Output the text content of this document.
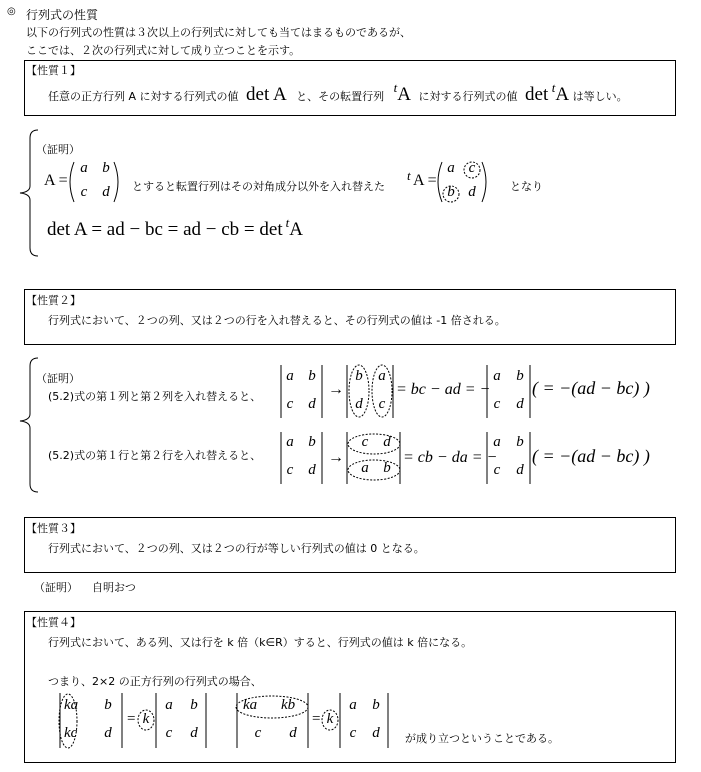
◎ 行列式の性質
以下の行列式の性質は３次以上の行列式に対しても当てはまるものであるが、
ここでは、２次の行列式に対して成り立つことを示す。
【性質１】
任意の正方行列 A に対する行列式の値 det A と、その転置行列 tA に対する行列式の値 det tA は等しい。
（証明）
A =
a b
c d	とすると転置行列はその対角成分以外を入れ替えた
t A =
a c
b d	となり
det A = ad − bc = ad − cb = det $^t$A
【性質２】
行列式において、２つの列、又は２つの行を入れ替えると、その行列式の値は -1 倍される。
（証明）
(5.2)式の第１列と第２列を入れ替えると、
a b
c d
→
b	a
d	c
= bc − ad = −
a	b
c	d
( = −(ad − bc) )
(5.2)式の第１行と第２行を入れ替えると、
a b
c d
→
c d
a b
= cb − da = −
a	b
c	d
( = −(ad − bc) )
【性質３】
行列式において、２つの列、又は２つの行が等しい行列式の値は 0 となる。
（証明） 自明おつ
【性質４】
行列式において、ある列、又は行を k 倍（k∈R）すると、行列式の値は k 倍になる。
つまり、2×2 の正方行列の行列式の場合、
ka	b
kc	d
= k
a	b
c	d
ka kb
c	d
= k
a	b
c	d	が成り立つということである。
